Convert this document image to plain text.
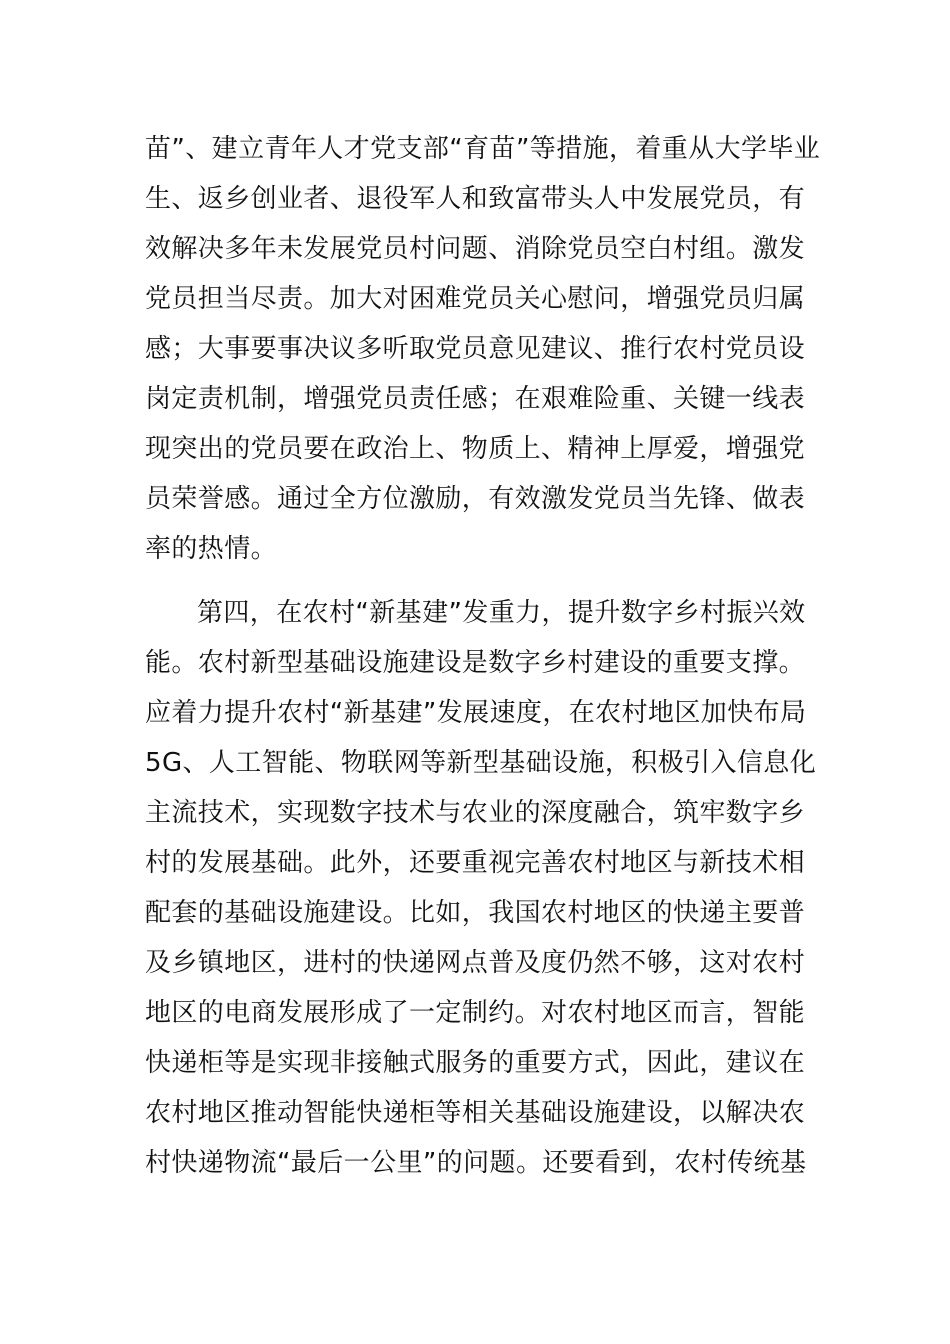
苗”、建立青年人才党支部“育苗”等措施，着重从大学毕业
生、返乡创业者、退役军人和致富带头人中发展党员，有
效解决多年未发展党员村问题、消除党员空白村组。激发
党员担当尽责。加大对困难党员关心慰问，增强党员归属
感；大事要事决议多听取党员意见建议、推行农村党员设
岗定责机制，增强党员责任感；在艰难险重、关键一线表
现突出的党员要在政治上、物质上、精神上厚爱，增强党
员荣誉感。通过全方位激励，有效激发党员当先锋、做表
率的热情。
第四，在农村“新基建”发重力，提升数字乡村振兴效
能。农村新型基础设施建设是数字乡村建设的重要支撑。
应着力提升农村“新基建”发展速度，在农村地区加快布局
5G、人工智能、物联网等新型基础设施，积极引入信息化
主流技术，实现数字技术与农业的深度融合，筑牢数字乡
村的发展基础。此外，还要重视完善农村地区与新技术相
配套的基础设施建设。比如，我国农村地区的快递主要普
及乡镇地区，进村的快递网点普及度仍然不够，这对农村
地区的电商发展形成了一定制约。对农村地区而言，智能
快递柜等是实现非接触式服务的重要方式，因此，建议在
农村地区推动智能快递柜等相关基础设施建设，以解决农
村快递物流“最后一公里”的问题。还要看到，农村传统基
